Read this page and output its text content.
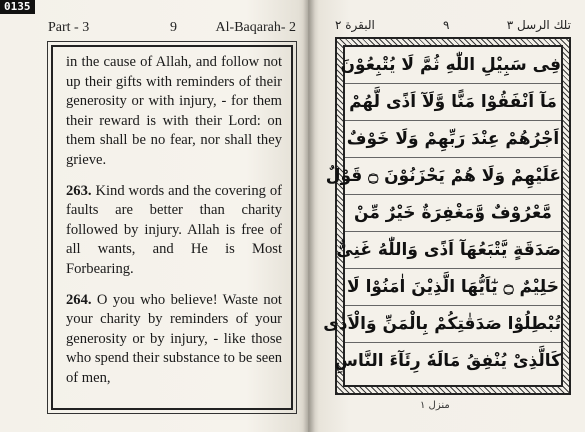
0135
Part - 3	9	Al-Baqarah- 2

in the cause of Allah, and follow not up their gifts with reminders of their generosity or with injury, - for them their reward is with their Lord: on them shall be no fear, nor shall they grieve.

263. Kind words and the covering of faults are better than charity followed by injury. Allah is free of all wants, and He is Most Forbearing.

264. O you who believe! Waste not your charity by reminders of your generosity or by injury, - like those who spend their substance to be seen of men,

البقرة ٢	٩	تلك الرسل ٣
فِى سَبِيْلِ اللّٰهِ ثُمَّ لَا يُتْبِعُوْنَ
مَآ اَنْفَقُوْا مَنًّا وَّلَآ اَذًى لَّهُمْ
اَجْرُهُمْ عِنْدَ رَبِّهِمْ وَلَا خَوْفٌ
عَلَيْهِمْ وَلَا هُمْ يَحْزَنُوْنَ ۝ قَوْلٌ
مَّعْرُوْفٌ وَّمَغْفِرَةٌ خَيْرٌ مِّنْ
صَدَقَةٍ يَّتْبَعُهَآ اَذًى وَاللّٰهُ غَنِىٌّ
حَلِيْمٌ ۝ يٰٓاَيُّهَا الَّذِيْنَ اٰمَنُوْا لَا
تُبْطِلُوْا صَدَقٰتِكُمْ بِالْمَنِّ وَالْاَذٰى
كَالَّذِىْ يُنْفِقُ مَالَهٗ رِئَآءَ النَّاسِ
منزل ١
